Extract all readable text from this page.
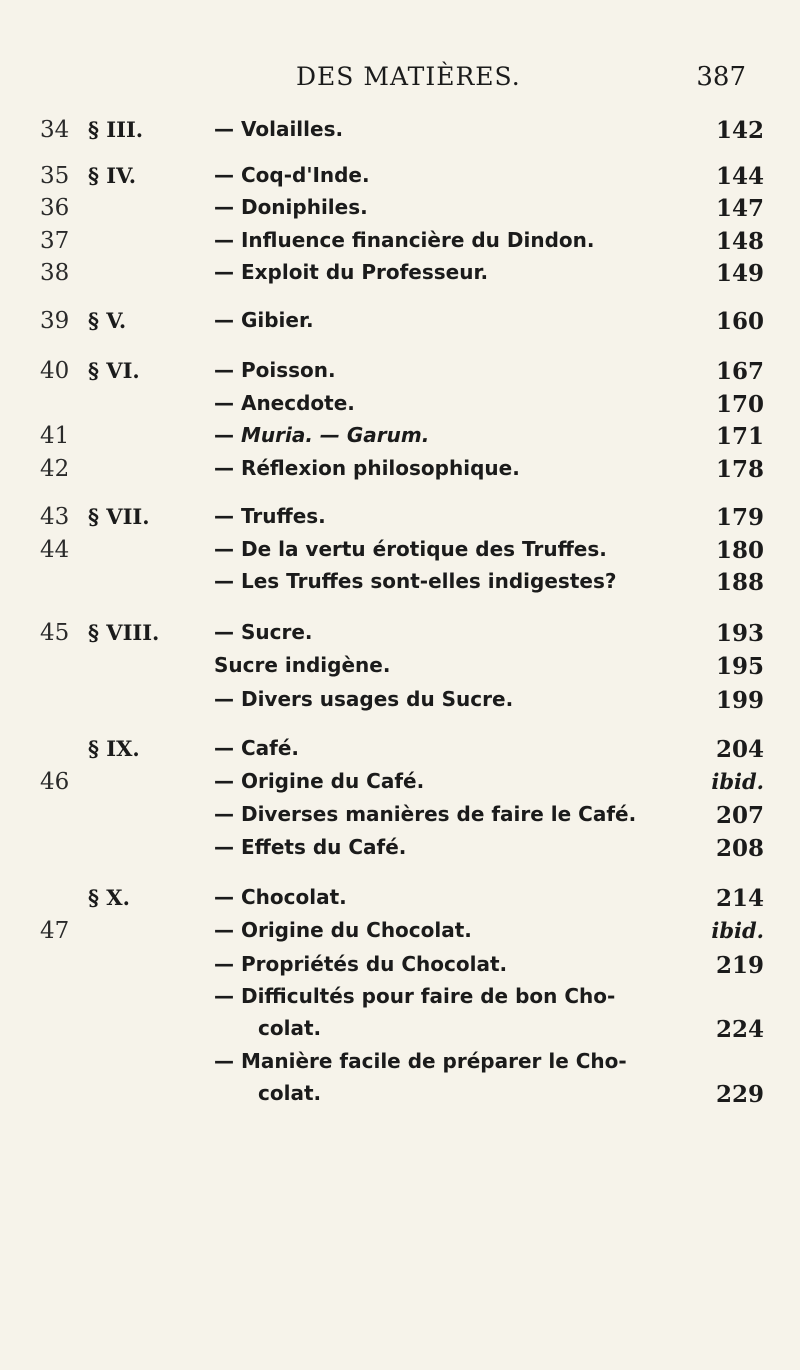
DES MATIÈRES.	387
34 § III.	— Volailles.	142
35 § IV.	— Coq-d'Inde.	144
36	— Doniphiles.	147
37	— Influence financière du Dindon.	148
38	— Exploit du Professeur.	149
39 § V.	— Gibier.	160
40 § VI.	— Poisson.	167
— Anecdote.	170
41	— Muria. — Garum.	171
42	— Réflexion philosophique.	178
43 § VII.	— Truffes.	179
44	— De la vertu érotique des Truffes.	180
— Les Truffes sont-elles indigestes?	188
45 § VIII.	— Sucre.	193
Sucre indigène.	195
— Divers usages du Sucre.	199
§ IX.	— Café.	204
46	— Origine du Café.	ibid.
— Diverses manières de faire le Café.	207
— Effets du Café.	208
§ X.	— Chocolat.	214
47	— Origine du Chocolat.	ibid.
— Propriétés du Chocolat.	219
— Difficultés pour faire de bon Cho-
colat.	224
— Manière facile de préparer le Cho-
colat.	229
